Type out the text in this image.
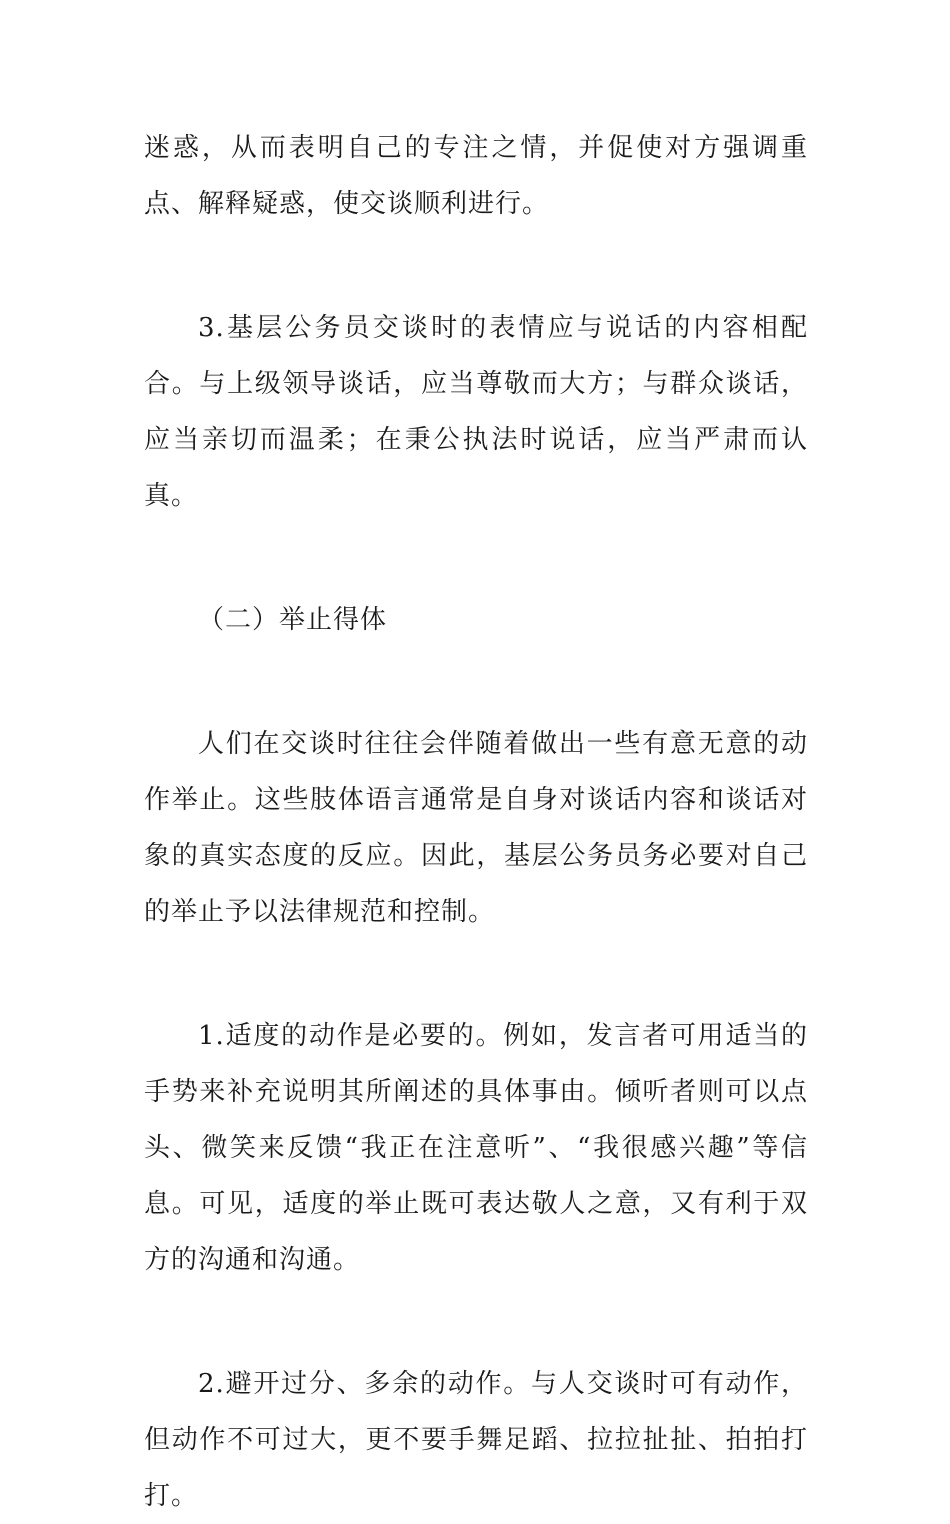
迷惑，从而表明自己的专注之情，并促使对方强调重点、解释疑惑，使交谈顺利进行。

3.基层公务员交谈时的表情应与说话的内容相配合。与上级领导谈话，应当尊敬而大方；与群众谈话，应当亲切而温柔；在秉公执法时说话，应当严肃而认真。

（二）举止得体

人们在交谈时往往会伴随着做出一些有意无意的动作举止。这些肢体语言通常是自身对谈话内容和谈话对象的真实态度的反应。因此，基层公务员务必要对自己的举止予以法律规范和控制。

1.适度的动作是必要的。例如，发言者可用适当的手势来补充说明其所阐述的具体事由。倾听者则可以点头、微笑来反馈“我正在注意听”、“我很感兴趣”等信息。可见，适度的举止既可表达敬人之意，又有利于双方的沟通和沟通。

2.避开过分、多余的动作。与人交谈时可有动作，但动作不可过大，更不要手舞足蹈、拉拉扯扯、拍拍打打。
